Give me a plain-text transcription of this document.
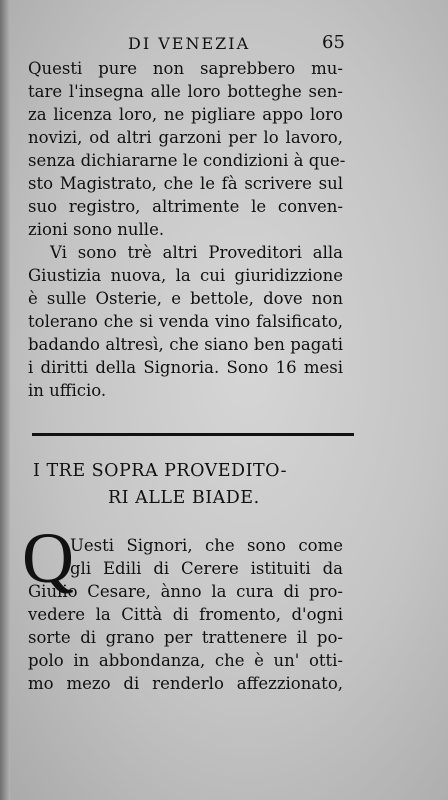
DI VENEZIA	65
Questi pure non saprebbero mu-
tare l'insegna alle loro botteghe sen-
za licenza loro, ne pigliare appo loro
novizi, od altri garzoni per lo lavoro,
senza dichiararne le condizioni à que-
sto Magistrato, che le fà scrivere sul
suo registro, altrimente le conven-
zioni sono nulle.
Vi sono trè altri Proveditori alla
Giustizia nuova, la cui giuridizzione
è sulle Osterie, e bettole, dove non
tolerano che si venda vino falsificato,
badando altresì, che siano ben pagati
i diritti della Signoria. Sono 16 mesi
in ufficio.
I TRE SOPRA PROVEDITO-
RI ALLE BIADE.
Q
Uesti Signori, che sono come
gli Edili di Cerere istituiti da
Giulio Cesare, ànno la cura di pro-
vedere la Città di fromento, d'ogni
sorte di grano per trattenere il po-
polo in abbondanza, che è un' otti-
mo mezo di renderlo affezzionato,
